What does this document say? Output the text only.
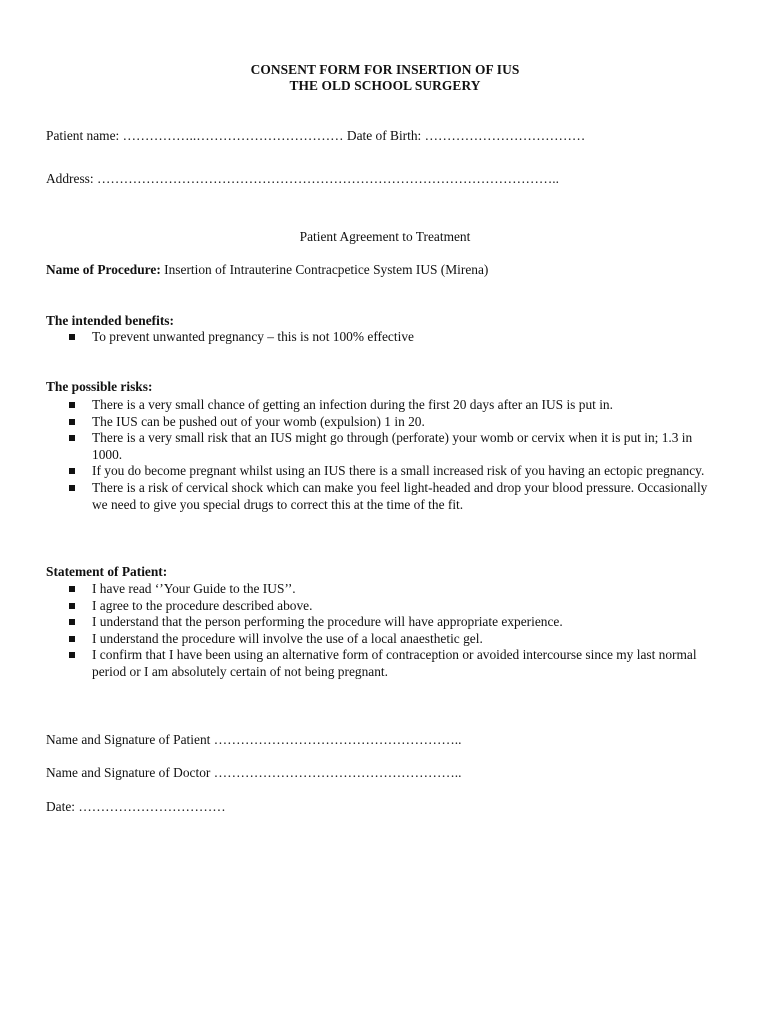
CONSENT FORM FOR INSERTION OF IUS
THE OLD SCHOOL SURGERY
Patient name: ……………..…………………………… Date of Birth: ………………………………
Address: …………………………………………………………………………………………..
Patient Agreement to Treatment
Name of Procedure: Insertion of Intrauterine Contracpetice System IUS (Mirena)
The intended benefits:
To prevent unwanted pregnancy – this is not 100% effective
The possible risks:
There is a very small chance of getting an infection during the first 20 days after an IUS is put in.
The IUS can be pushed out of your womb (expulsion) 1 in 20.
There is a very small risk that an IUS might go through (perforate) your womb or cervix when it is put in; 1.3 in 1000.
If you do become pregnant whilst using an IUS there is a small increased risk of you having an ectopic pregnancy.
There is a risk of cervical shock which can make you feel light-headed and drop your blood pressure. Occasionally we need to give you special drugs to correct this at the time of the fit.
Statement of Patient:
I have read ‘’Your Guide to the IUS’’.
I agree to the procedure described above.
I understand that the person performing the procedure will have appropriate experience.
I understand the procedure will involve the use of a local anaesthetic gel.
I confirm that I have been using an alternative form of contraception or avoided intercourse since my last normal period or I am absolutely certain of not being pregnant.
Name and Signature of Patient ………………………………………………..
Name and Signature of Doctor ………………………………………………..
Date: ……………………………
